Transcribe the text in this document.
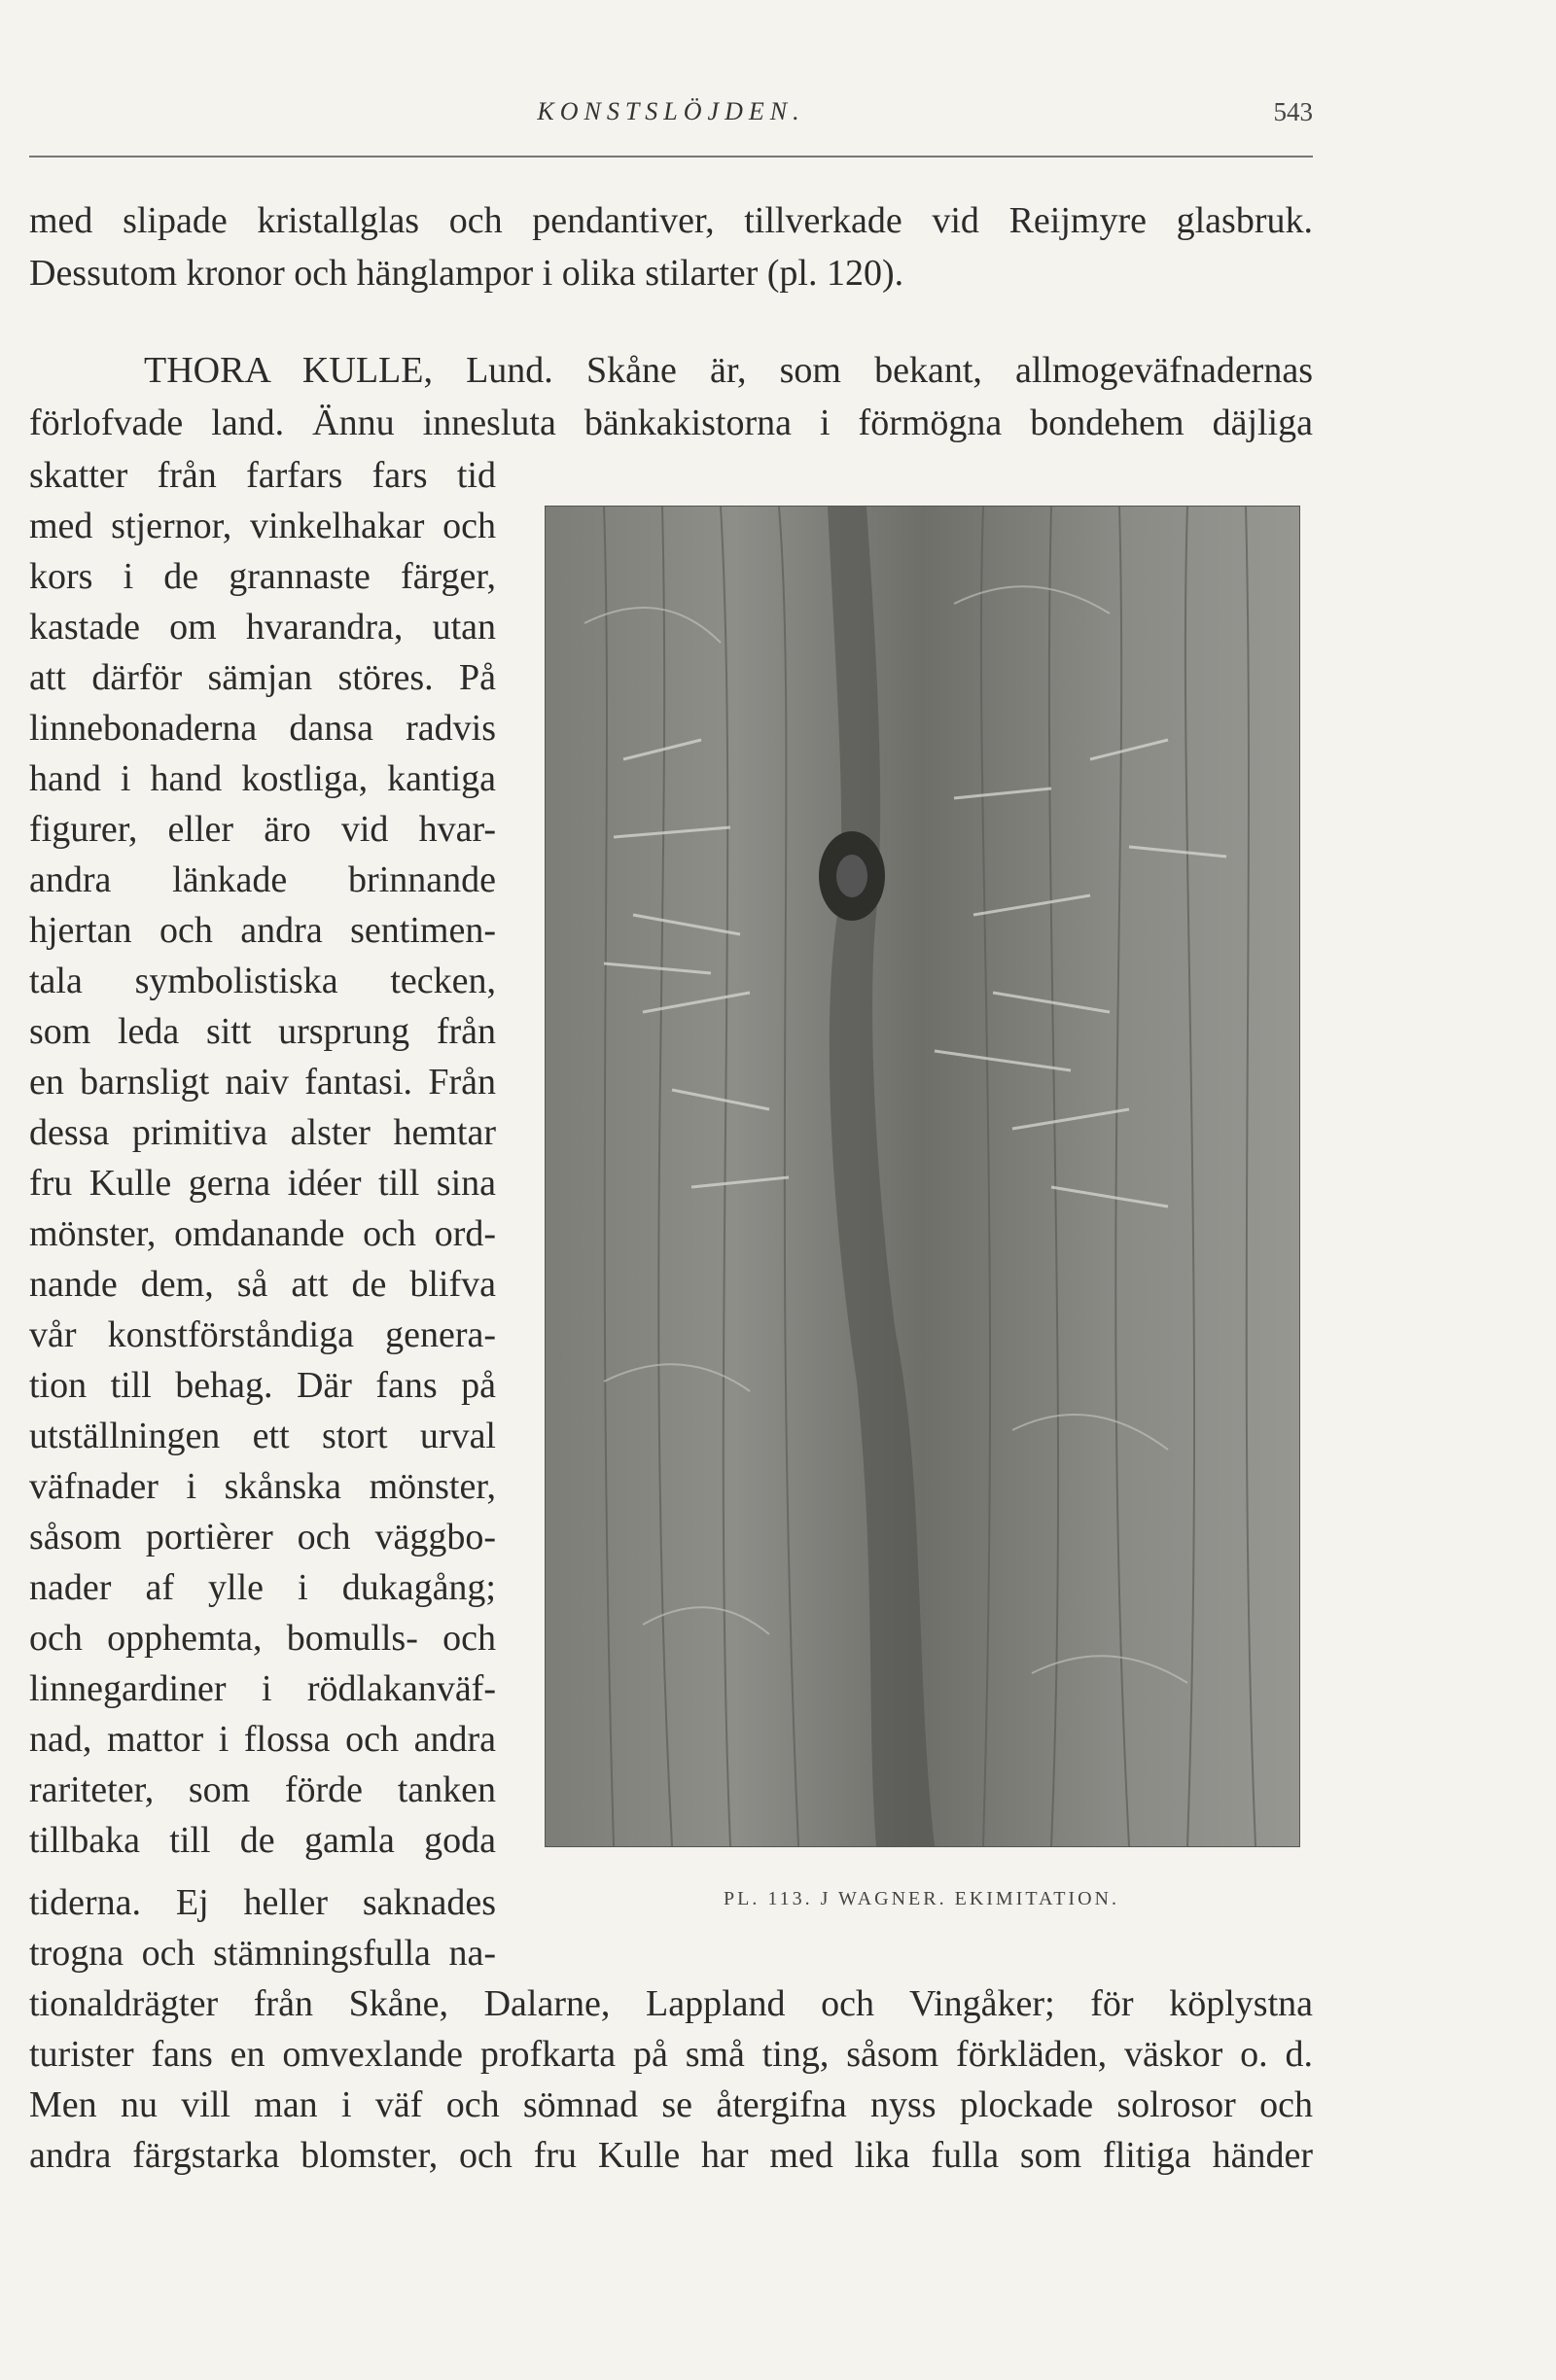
KONSTSLÖJDEN.	543
med slipade kristallglas och pendantiver, tillverkade vid Reijmyre glasbruk.
Dessutom kronor och hänglampor i olika stilarter (pl. 120).
THORA KULLE, Lund. Skåne är, som bekant, allmogeväfnadernas
förlofvade land. Ännu innesluta bänkakistorna i förmögna bondehem däjliga
skatter från farfars fars tid
med stjernor, vinkelhakar och
kors i de grannaste färger,
kastade om hvarandra, utan
att därför sämjan störes. På
linnebonaderna dansa radvis
hand i hand kostliga, kantiga
figurer, eller äro vid hvar-
andra länkade brinnande
hjertan och andra sentimen-
tala symbolistiska tecken,
som leda sitt ursprung från
en barnsligt naiv fantasi. Från
dessa primitiva alster hemtar
fru Kulle gerna idéer till sina
mönster, omdanande och ord-
nande dem, så att de blifva
vår konstförståndiga genera-
tion till behag. Där fans på
utställningen ett stort urval
väfnader i skånska mönster,
såsom portièrer och väggbo-
nader af ylle i dukagång;
och opphemta, bomulls- och
linnegardiner i rödlakanväf-
nad, mattor i flossa och andra
rariteter, som förde tanken
tillbaka till de gamla goda
tiderna. Ej heller saknades
trogna och stämningsfulla na-
tionaldrägter från Skåne, Dalarne, Lappland och Vingåker; för köplystna
turister fans en omvexlande profkarta på små ting, såsom förkläden, väskor o. d.
Men nu vill man i väf och sömnad se återgifna nyss plockade solrosor och
andra färgstarka blomster, och fru Kulle har med lika fulla som flitiga händer
PL. 113. J WAGNER. EKIMITATION.
